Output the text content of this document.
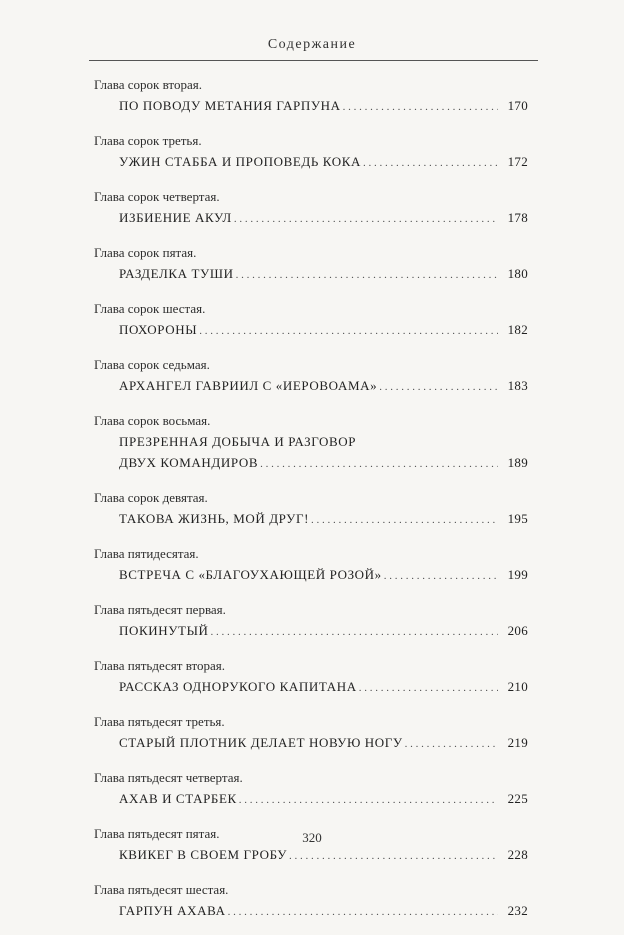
Содержание
Глава сорок вторая.
ПО ПОВОДУ МЕТАНИЯ ГАРПУНА . . .	170
Глава сорок третья.
УЖИН СТАББА И ПРОПОВЕДЬ КОКА . . .	172
Глава сорок четвертая.
ИЗБИЕНИЕ АКУЛ . . .	178
Глава сорок пятая.
РАЗДЕЛКА ТУШИ . . .	180
Глава сорок шестая.
ПОХОРОНЫ . . .	182
Глава сорок седьмая.
АРХАНГЕЛ ГАВРИИЛ С «ИЕРОВОАМА» . . .	183
Глава сорок восьмая.
ПРЕЗРЕННАЯ ДОБЫЧА И РАЗГОВОР
ДВУХ КОМАНДИРОВ . . .	189
Глава сорок девятая.
ТАКОВА ЖИЗНЬ, МОЙ ДРУГ! . . .	195
Глава пятидесятая.
ВСТРЕЧА С «БЛАГОУХАЮЩЕЙ РОЗОЙ» . . .	199
Глава пятьдесят первая.
ПОКИНУТЫЙ . . .	206
Глава пятьдесят вторая.
РАССКАЗ ОДНОРУКОГО КАПИТАНА . . .	210
Глава пятьдесят третья.
СТАРЫЙ ПЛОТНИК ДЕЛАЕТ НОВУЮ НОГУ . . .	219
Глава пятьдесят четвертая.
АХАВ И СТАРБЕК . . .	225
Глава пятьдесят пятая.
КВИКЕГ В СВОЕМ ГРОБУ . . .	228
Глава пятьдесят шестая.
ГАРПУН АХАВА . . .	232
320
